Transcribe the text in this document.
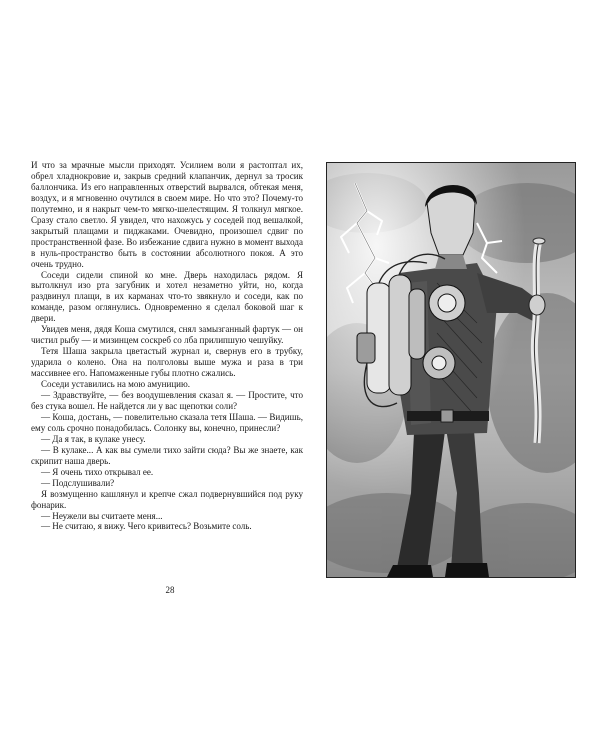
И что за мрачные мысли приходят. Усилием воли я растоптал их, обрел хладнокровие и, закрыв средний клапанчик, дернул за тросик баллончика. Из его направленных отверстий вырвался, обтекая меня, воздух, и я мгновенно очутился в своем мире. Но что это? Почему-то полутемно, и я накрыт чем-то мягко-шелестящим. Я толкнул мягкое. Сразу стало светло. Я увидел, что нахожусь у соседей под вешалкой, закрытый плащами и пиджаками. Очевидно, произошел сдвиг по пространственной фазе. Во избежание сдвига нужно в момент выхода в нуль-пространство быть в состоянии абсолютного покоя. А это очень трудно.

Соседи сидели спиной ко мне. Дверь находилась рядом. Я вытолкнул изо рта загубник и хотел незаметно уйти, но, когда раздвинул плащи, в их карманах что-то звякнуло и соседи, как по команде, разом оглянулись. Одновременно я сделал боковой шаг к двери.

Увидев меня, дядя Коша смутился, снял замызганный фартук — он чистил рыбу — и мизинцем соскреб со лба прилипшую чешуйку.

Тетя Шаша закрыла цветастый журнал и, свернув его в трубку, ударила о колено. Она на полголовы выше мужа и раза в три массивнее его. Напомаженные губы плотно сжались.

Соседи уставились на мою амуницию.

— Здравствуйте, — без воодушевления сказал я. — Простите, что без стука вошел. Не найдется ли у вас щепотки соли?

— Коша, достань, — повелительно сказала тетя Шаша. — Видишь, ему соль срочно понадобилась. Солонку вы, конечно, принесли?

— Да я так, в кулаке унесу.

— В кулаке... А как вы сумели тихо зайти сюда? Вы же знаете, как скрипит наша дверь.

— Я очень тихо открывал ее.

— Подслушивали?

Я возмущенно кашлянул и крепче сжал подвернувшийся под руку фонарик.

— Неужели вы считаете меня...

— Не считаю, я вижу. Чего кривитесь? Возьмите соль.

28
